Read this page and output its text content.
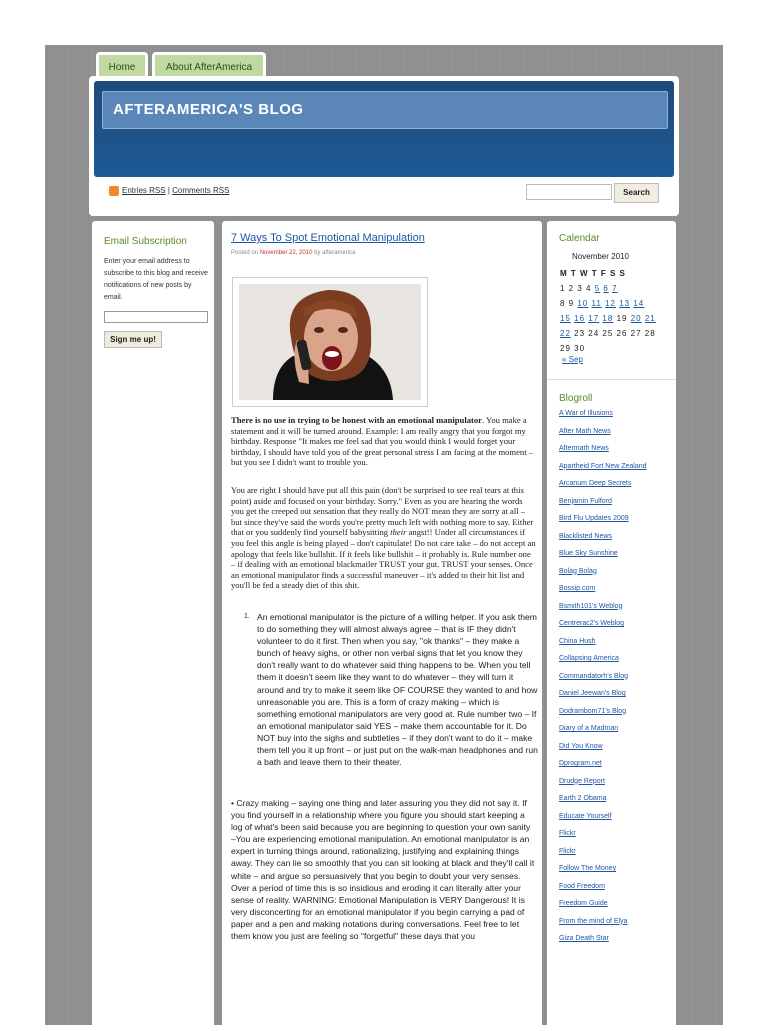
Home	About AfterAmerica
AFTERAMERICA'S BLOG
Entries RSS | Comments RSS	Search
Email Subscription
Enter your email address to subscribe to this blog and receive notifications of new posts by email.
Sign me up!
7 Ways To Spot Emotional Manipulation
Posted on November 22, 2010 by afteramerica
There is no use in trying to be honest with an emotional manipulator. You make a statement and it will be turned around. Example: I am really angry that you forgot my birthday. Response "It makes me feel sad that you would think I would forget your birthday, I should have told you of the great personal stress I am facing at the moment – but you see I didn't want to trouble you.
You are right I should have put all this pain (don't be surprised to see real tears at this point) aside and focused on your birthday. Sorry." Even as you are hearing the words you get the creeped out sensation that they really do NOT mean they are sorry at all – but since they've said the words you're pretty much left with nothing more to say. Either that or you suddenly find yourself babysitting their angst!! Under all circumstances if you feel this angle is being played – don't capitulate! Do not care take – do not accept an apology that feels like bullshit. If it feels like bullshit – it probably is. Rule number one – if dealing with an emotional blackmailer TRUST your gut. TRUST your senses. Once an emotional manipulator finds a successful maneuver – it's added to their hit list and you'll be fed a steady diet of this shit.
1. An emotional manipulator is the picture of a willing helper. If you ask them to do something they will almost always agree – that is IF they didn't volunteer to do it first. Then when you say, "ok thanks" – they make a bunch of heavy sighs, or other non verbal signs that let you know they don't really want to do whatever said thing happens to be. When you tell them it doesn't seem like they want to do whatever – they will turn it around and try to make it seem like OF COURSE they wanted to and how unreasonable you are. This is a form of crazy making – which is something emotional manipulators are very good at. Rule number two – If an emotional manipulator said YES – make them accountable for it. Do NOT buy into the sighs and subtleties – if they don't want to do it – make them tell you it up front – or just put on the walk-man headphones and run a bath and leave them to their theater.
• Crazy making – saying one thing and later assuring you they did not say it. If you find yourself in a relationship where you figure you should start keeping a log of what's been said because you are beginning to question your own sanity –You are experiencing emotional manipulation. An emotional manipulator is an expert in turning things around, rationalizing, justifying and explaining things away. They can lie so smoothly that you can sit looking at black and they'll call it white – and argue so persuasively that you begin to doubt your very senses. Over a period of time this is so insidious and eroding it can literally alter your sense of reality. WARNING: Emotional Manipulation is VERY Dangerous! It is very disconcerting for an emotional manipulator if you begin carrying a pad of paper and a pen and making notations during conversations. Feel free to let them know you just are feeling so "forgetful" these days that you
Calendar
November 2010
M T W T F S S
1 2 3 4 5 6 7
8 9 10 11 12 13 14
15 16 17 18 19 20 21
22 23 24 25 26 27 28
29 30
« Sep
Blogroll
A War of Illusions
After Math News
Aftermath News
Apartheid Fort New Zealand
Arcanum Deep Secrets
Benjamin Fulford
Bird Flu Updates 2009
Blacklisted News
Blue Sky Sunshine
Bolag Bolag
Bossip.com
Bsmith101's Weblog
Centrerac2's Weblog
China Hush
Collapsing America
Commandatorh's Blog
Daniel Jeewan's Blog
Dodrambom71's Blog
Diary of a Madman
Did You Know
Dprogram.net
Drudge Report
Earth 2 Obama
Educate Yourself
Flickr
Flickr
Follow The Money
Food Freedom
Freedom Guide
From the mind of Elya
Giza Death Star
